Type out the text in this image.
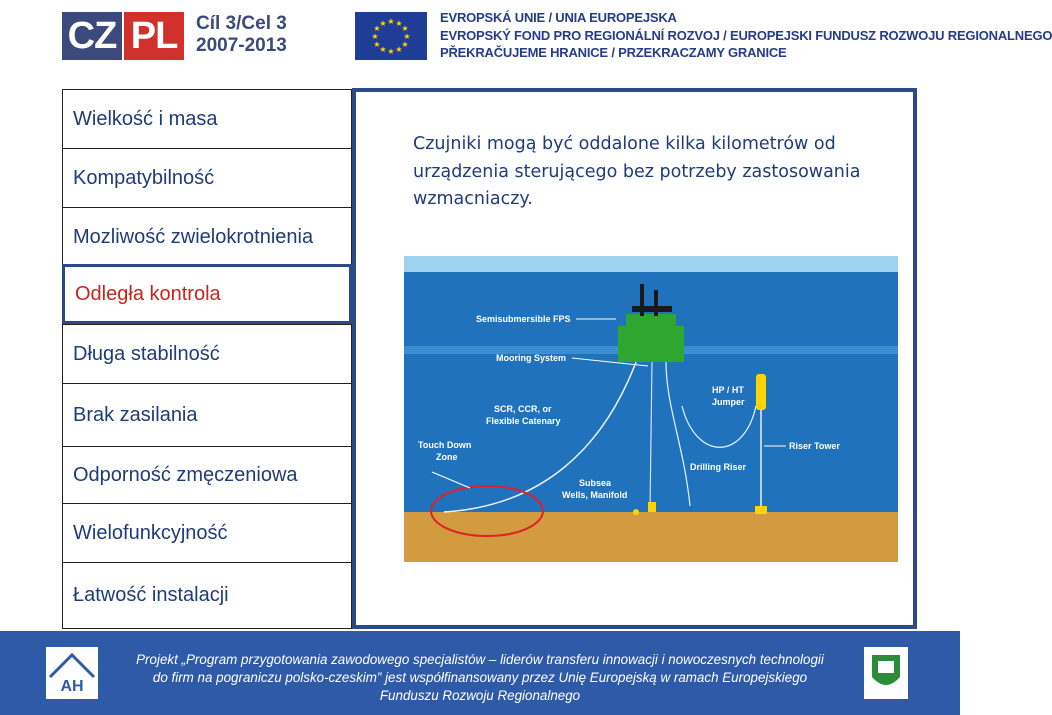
CZ PL Cíl 3/Cel 3
2007-2013
★ ★
★
★
★
★
★
★
★
★
★
★	EVROPSKÁ UNIE / UNIA EUROPEJSKA
EVROPSKÝ FOND PRO REGIONÁLNÍ ROZVOJ / EUROPEJSKI FUNDUSZ ROZWOJU REGIONALNEGO
PŘEKRAČUJEME HRANICE / PRZEKRACZAMY GRANICE
Wielkość i masa
Kompatybilność
Mozliwość zwielokrotnienia
Odległa kontrola
Długa stabilność
Brak zasilania
Odporność zmęczeniowa
Wielofunkcyjność
Łatwość instalacji
Czujniki mogą być oddalone kilka kilometrów od urządzenia sterującego bez potrzeby zastosowania wzmacniaczy.
Semisubmersible FPS
Mooring System
SCR, CCR, or
Flexible Catenary
HP / HT
Jumper
Touch Down
Zone
Riser Tower
Drilling Riser
Subsea
Wells, Manifold
AH
Projekt „Program przygotowania zawodowego specjalistów – liderów transferu innowacji i nowoczesnych technologii
do firm na pograniczu polsko-czeskim” jest współfinansowany przez Unię Europejską w ramach Europejskiego
Funduszu Rozwoju Regionalnego
